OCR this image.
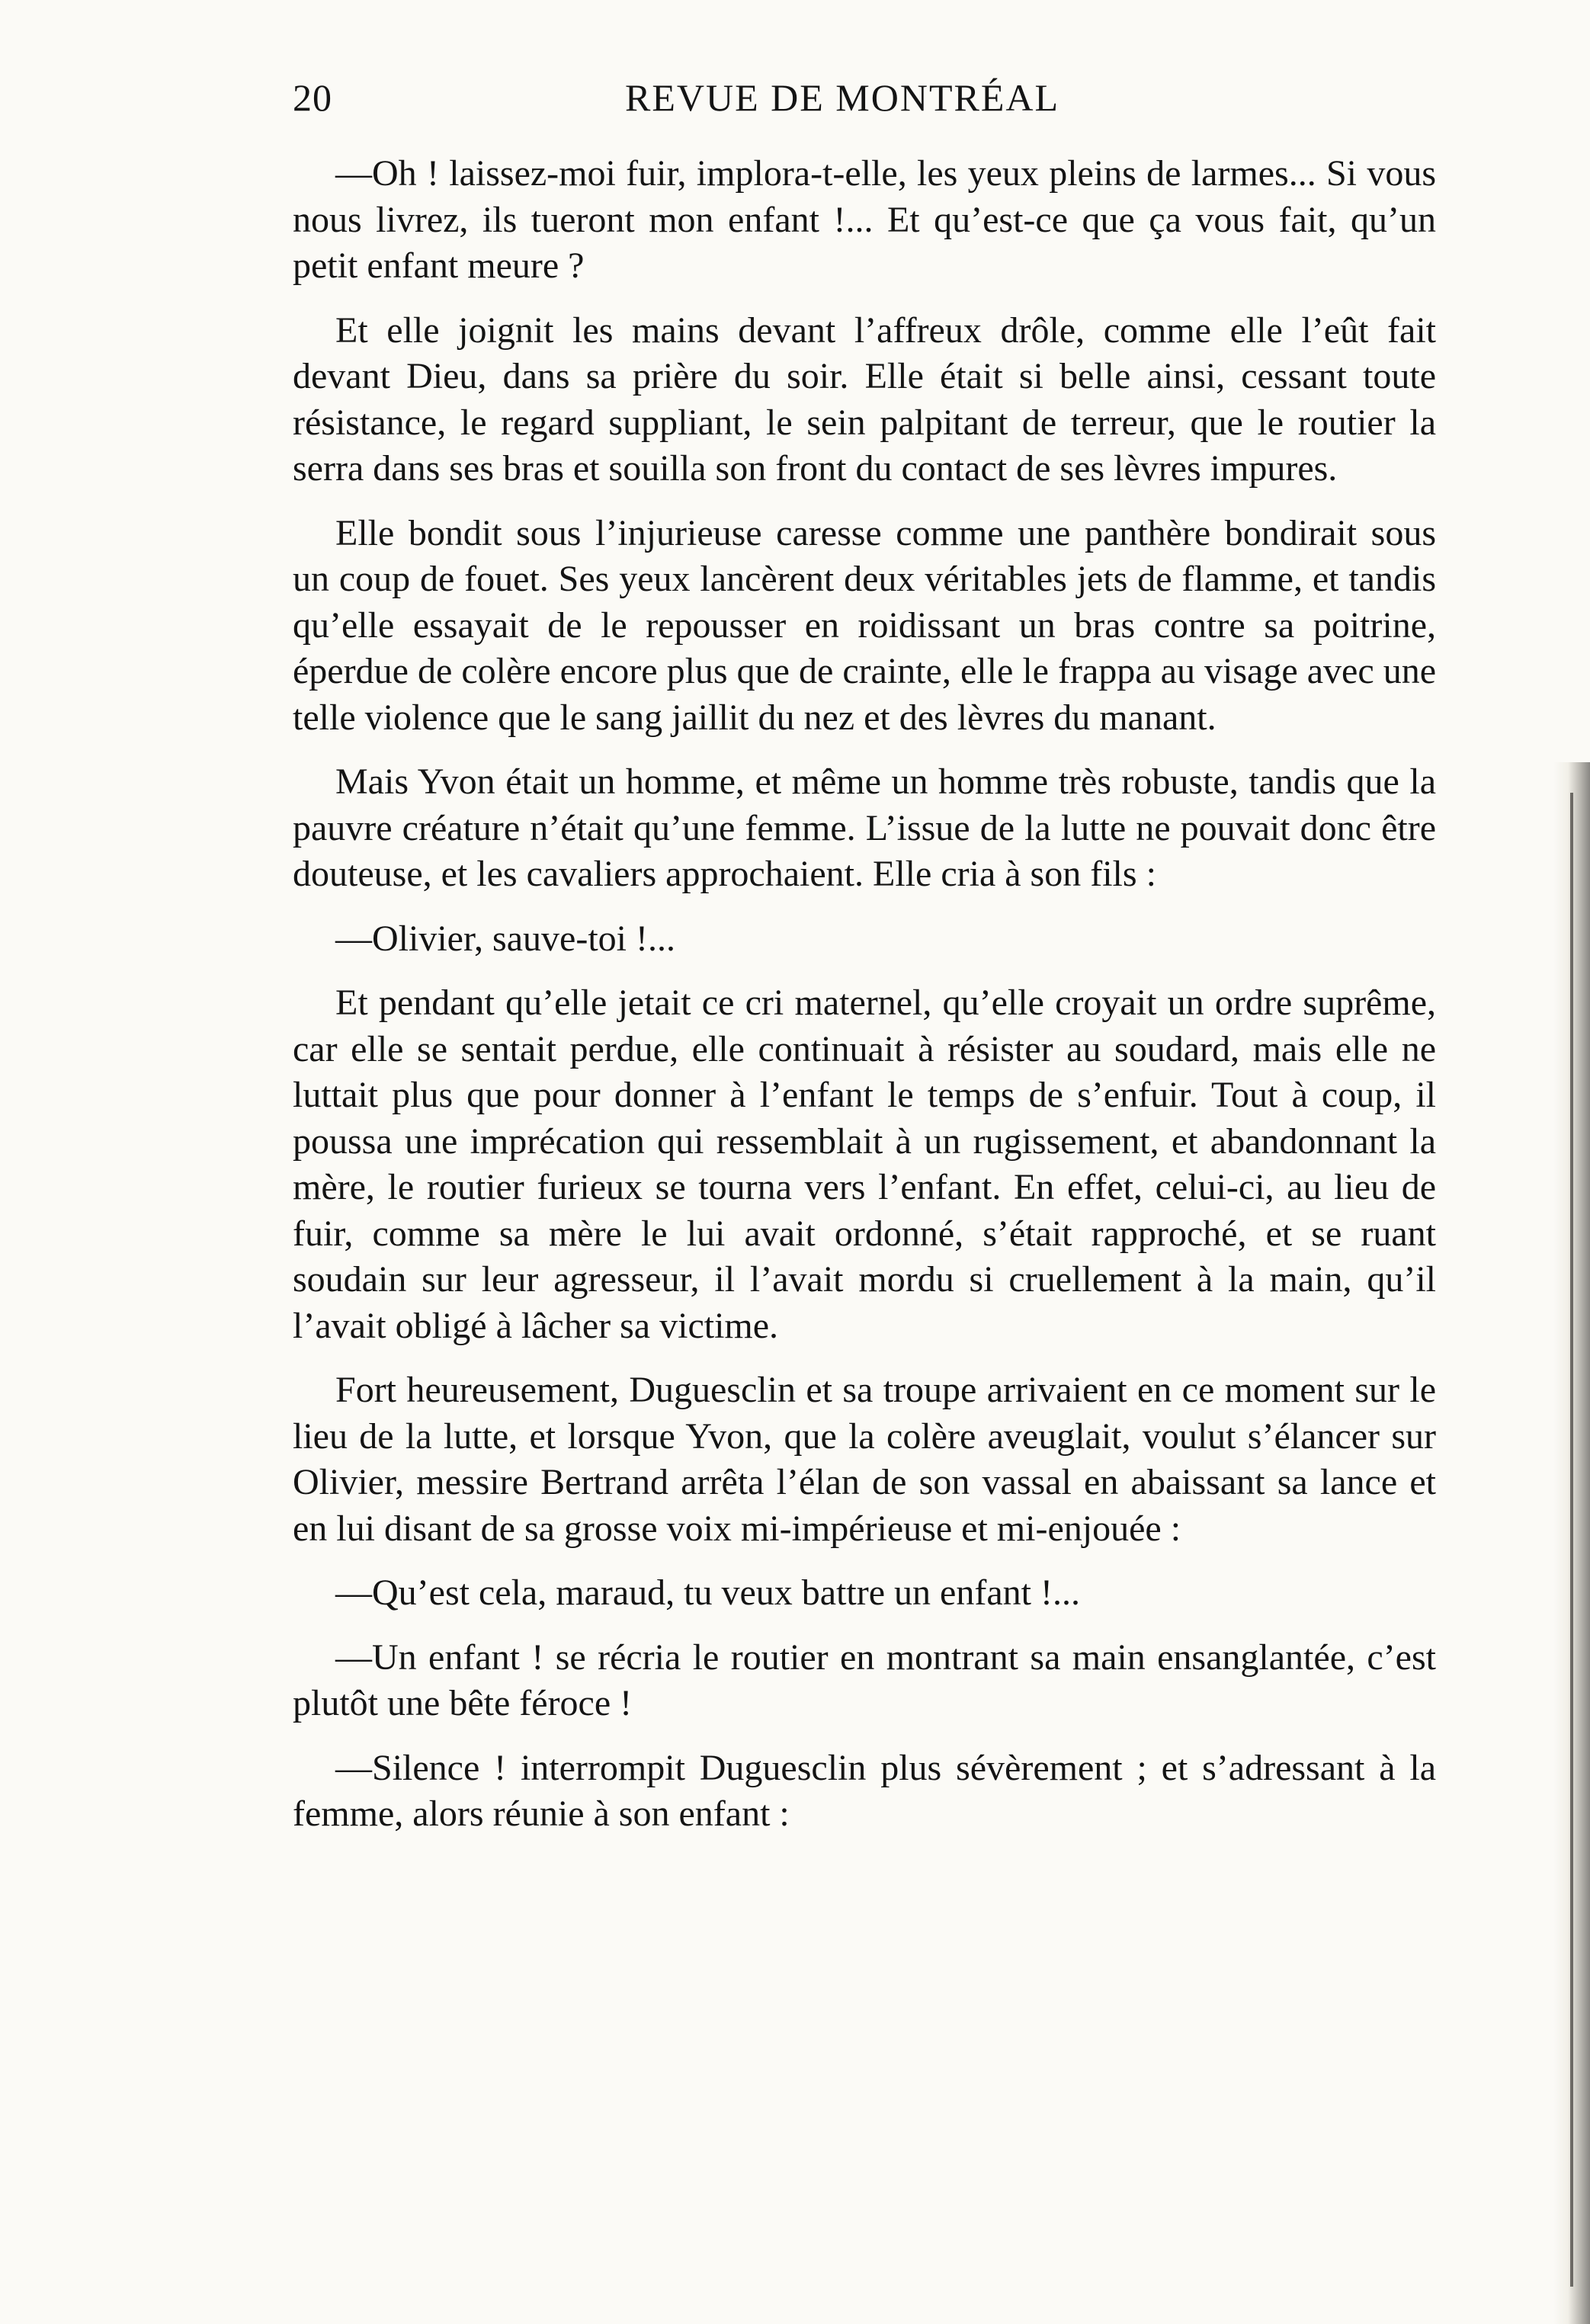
20	REVUE DE MONTRÉAL

—Oh ! laissez-moi fuir, implora-t-elle, les yeux pleins de larmes... Si vous nous livrez, ils tueront mon enfant !... Et qu’est-ce que ça vous fait, qu’un petit enfant meure ?

Et elle joignit les mains devant l’affreux drôle, comme elle l’eût fait devant Dieu, dans sa prière du soir. Elle était si belle ainsi, cessant toute résistance, le regard suppliant, le sein palpitant de terreur, que le routier la serra dans ses bras et souilla son front du contact de ses lèvres impures.

Elle bondit sous l’injurieuse caresse comme une panthère bondirait sous un coup de fouet. Ses yeux lancèrent deux véritables jets de flamme, et tandis qu’elle essayait de le repousser en roidissant un bras contre sa poitrine, éperdue de colère encore plus que de crainte, elle le frappa au visage avec une telle violence que le sang jaillit du nez et des lèvres du manant.

Mais Yvon était un homme, et même un homme très robuste, tandis que la pauvre créature n’était qu’une femme. L’issue de la lutte ne pouvait donc être douteuse, et les cavaliers approchaient. Elle cria à son fils :

—Olivier, sauve-toi !...

Et pendant qu’elle jetait ce cri maternel, qu’elle croyait un ordre suprême, car elle se sentait perdue, elle continuait à résister au soudard, mais elle ne luttait plus que pour donner à l’enfant le temps de s’enfuir. Tout à coup, il poussa une imprécation qui ressemblait à un rugissement, et abandonnant la mère, le routier furieux se tourna vers l’enfant. En effet, celui-ci, au lieu de fuir, comme sa mère le lui avait ordonné, s’était rapproché, et se ruant soudain sur leur agresseur, il l’avait mordu si cruellement à la main, qu’il l’avait obligé à lâcher sa victime.

Fort heureusement, Duguesclin et sa troupe arrivaient en ce moment sur le lieu de la lutte, et lorsque Yvon, que la colère aveuglait, voulut s’élancer sur Olivier, messire Bertrand arrêta l’élan de son vassal en abaissant sa lance et en lui disant de sa grosse voix mi-impérieuse et mi-enjouée :

—Qu’est cela, maraud, tu veux battre un enfant !...

—Un enfant ! se récria le routier en montrant sa main ensanglantée, c’est plutôt une bête féroce !

—Silence ! interrompit Duguesclin plus sévèrement ; et s’adressant à la femme, alors réunie à son enfant :
